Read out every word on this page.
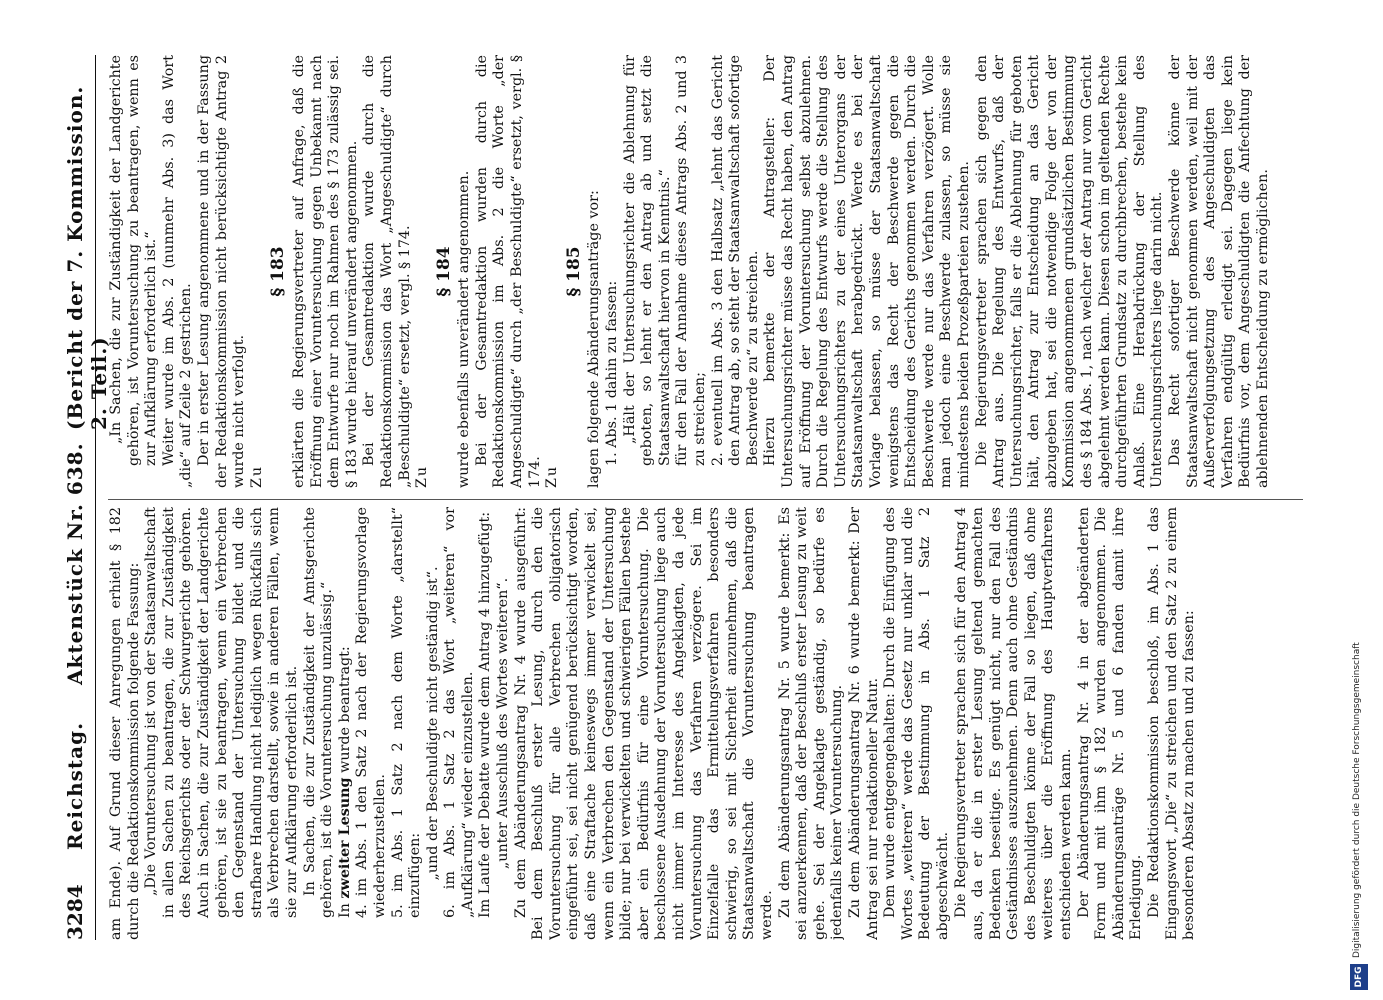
3284
Reichstag.
Aktenstück Nr. 638.
(Bericht der 7. Kommission. 2. Teil.)

am Ende). Auf Grund dieser Anregungen erhielt § 182 durch die Redaktionskommission folgende Fassung: „Die Voruntersuchung ist von der Staatsanwaltschaft in allen Sachen zu beantragen, die zur Zuständigkeit des Reichsgerichts oder der Schwurgerichte gehören. Auch in Sachen, die zur Zuständigkeit der Landgerichte gehören, ist sie zu beantragen, wenn ein Verbrechen den Gegenstand der Untersuchung bildet und die strafbare Handlung nicht lediglich wegen Rückfalls sich als Verbrechen darstellt, sowie in anderen Fällen, wenn sie zur Aufklärung erforderlich ist. In Sachen, die zur Zuständigkeit der Amtsgerichte gehören, ist die Voruntersuchung unzulässig.“ In zweiter Lesung wurde beantragt: 4. im Abs. 1 den Satz 2 nach der Regierungsvorlage wiederherzustellen. 5. im Abs. 1 Satz 2 nach dem Worte „darstellt“ einzufügen: „und der Beschuldigte nicht geständig ist“. 6. im Abs. 1 Satz 2 das Wort „weiteren“ vor „Aufklärung“ wieder einzustellen. Im Laufe der Debatte wurde dem Antrag 4 hinzugefügt: „unter Ausschluß des Wortes weiteren“. Zu dem Abänderungsantrag Nr. 4 wurde ausgeführt: Bei dem Beschluß erster Lesung, durch den die Voruntersuchung für alle Verbrechen obligatorisch eingeführt sei, sei nicht genügend berücksichtigt worden, daß eine Straftache keineswegs immer verwickelt sei, wenn ein Verbrechen den Gegenstand der Untersuchung bilde; nur bei verwickelten und schwierigen Fällen bestehe aber ein Bedürfnis für eine Voruntersuchung. Die beschlossene Ausdehnung der Voruntersuchung liege auch nicht immer im Interesse des Angeklagten, da jede Voruntersuchung das Verfahren verzögere. Sei im Einzelfalle das Ermittelungsverfahren besonders schwierig, so sei mit Sicherheit anzunehmen, daß die Staatsanwaltschaft die Voruntersuchung beantragen werde. Zu dem Abänderungsantrag Nr. 5 wurde bemerkt: Es sei anzuerkennen, daß der Beschluß erster Lesung zu weit gehe. Sei der Angeklagte geständig, so bedürfe es jedenfalls keiner Voruntersuchung. Zu dem Abänderungsantrag Nr. 6 wurde bemerkt: Der Antrag sei nur redaktioneller Natur. Dem wurde entgegengehalten: Durch die Einfügung des Wortes „weiteren“ werde das Gesetz nur unklar und die Bedeutung der Bestimmung in Abs. 1 Satz 2 abgeschwächt. Die Regierungsvertreter sprachen sich für den Antrag 4 aus, da er die in erster Lesung geltend gemachten Bedenken beseitige. Es genügt nicht, nur den Fall des Geständnisses auszunehmen. Denn auch ohne Geständnis des Beschuldigten könne der Fall so liegen, daß ohne weiteres über die Eröffnung des Hauptverfahrens entschieden werden kann. Der Abänderungsantrag Nr. 4 in der abgeänderten Form und mit ihm § 182 wurden angenommen. Die Abänderungsanträge Nr. 5 und 6 fanden damit ihre Erledigung. Die Redaktionskommission beschloß, im Abs. 1 das Eingangswort „Die“ zu streichen und den Satz 2 zu einem besonderen Absatz zu machen und zu fassen:

„In Sachen, die zur Zuständigkeit der Landgerichte gehören, ist Voruntersuchung zu beantragen, wenn es zur Aufklärung erforderlich ist.“ Weiter wurde im Abs. 2 (nunmehr Abs. 3) das Wort „die“ auf Zeile 2 gestrichen. Der in erster Lesung angenommene und in der Fassung der Redaktionskommission nicht berücksichtigte Antrag 2 wurde nicht verfolgt. Zu

§ 183 erklärten die Regierungsvertreter auf Anfrage, daß die Eröffnung einer Voruntersuchung gegen Unbekannt nach dem Entwurfe nur noch im Rahmen des § 173 zulässig sei. § 183 wurde hierauf unverändert angenommen. Bei der Gesamtredaktion wurde durch die Redaktionskommission das Wort „Angeschuldigte“ durch „Beschuldigte“ ersetzt, vergl. § 174. Zu

§ 184 wurde ebenfalls unverändert angenommen. Bei der Gesamtredaktion wurden durch die Redaktionskommission im Abs. 2 die Worte „der Angeschuldigte“ durch „der Beschuldigte“ ersetzt, vergl. § 174. Zu

§ 185 lagen folgende Abänderungsanträge vor: 1. Abs. 1 dahin zu fassen: „Hält der Untersuchungsrichter die Ablehnung für geboten, so lehnt er den Antrag ab und setzt die Staatsanwaltschaft hiervon in Kenntnis.“ für den Fall der Annahme dieses Antrags Abs. 2 und 3 zu streichen; 2. eventuell im Abs. 3 den Halbsatz „lehnt das Gericht den Antrag ab, so steht der Staatsanwaltschaft sofortige Beschwerde zu“ zu streichen. Hierzu bemerkte der Antragsteller: Der Untersuchungsrichter müsse das Recht haben, den Antrag auf Eröffnung der Voruntersuchung selbst abzulehnen. Durch die Regelung des Entwurfs werde die Stellung des Untersuchungsrichters zu der eines Unterorgans der Staatsanwaltschaft herabgedrückt. Werde es bei der Vorlage belassen, so müsse der Staatsanwaltschaft wenigstens das Recht der Beschwerde gegen die Entscheidung des Gerichts genommen werden. Durch die Beschwerde werde nur das Verfahren verzögert. Wolle man jedoch eine Beschwerde zulassen, so müsse sie mindestens beiden Prozeßparteien zustehen. Die Regierungsvertreter sprachen sich gegen den Antrag aus. Die Regelung des Entwurfs, daß der Untersuchungsrichter, falls er die Ablehnung für geboten hält, den Antrag zur Entscheidung an das Gericht abzugeben hat, sei die notwendige Folge der von der Kommission angenommenen grundsätzlichen Bestimmung des § 184 Abs. 1, nach welcher der Antrag nur vom Gericht abgelehnt werden kann. Diesen schon im geltenden Rechte durchgeführten Grundsatz zu durchbrechen, bestehe kein Anlaß. Eine Herabdrückung der Stellung des Untersuchungsrichters liege darin nicht. Das Recht sofortiger Beschwerde könne der Staatsanwaltschaft nicht genommen werden, weil mit der Außerverfolgungsetzung des Angeschuldigten das Verfahren endgültig erledigt sei. Dagegen liege kein Bedürfnis vor, dem Angeschuldigten die Anfechtung der ablehnenden Entscheidung zu ermöglichen.

DFG
Digitalisierung gefördert durch die Deutsche Forschungsgemeinschaft
